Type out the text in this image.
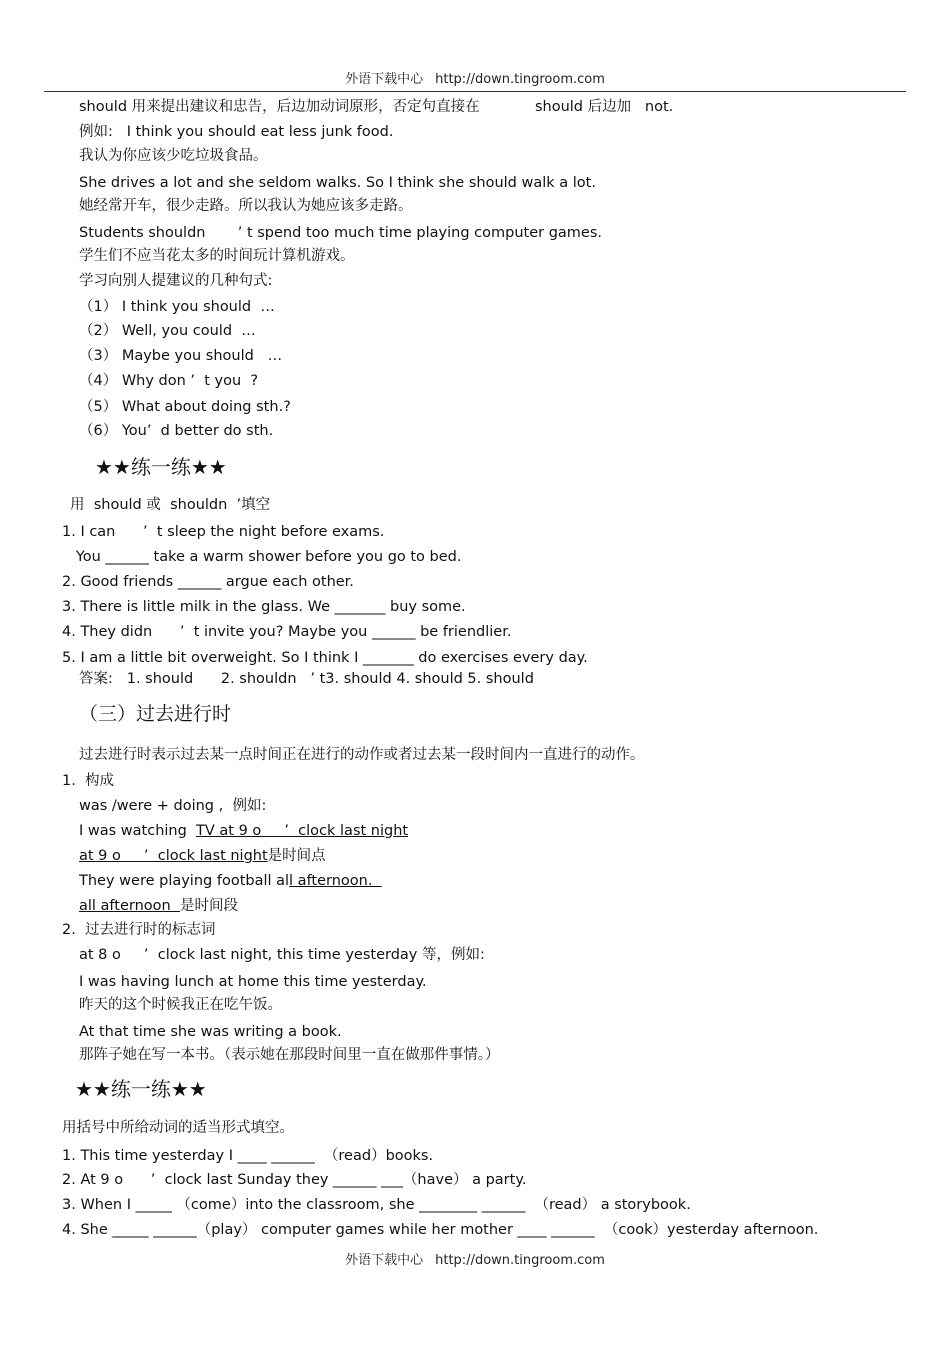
外语下载中心 http://down.tingroom.com
should 用来提出建议和忠告，后边加动词原形，否定句直接在            should 后边加   not.
例如:   I think you should eat less junk food.
我认为你应该少吃垃圾食品。
She drives a lot and she seldom walks. So I think she should walk a lot.
她经常开车，很少走路。所以我认为她应该多走路。
Students shouldn       ’ t spend too much time playing computer games.
学生们不应当花太多的时间玩计算机游戏。
学习向别人提建议的几种句式:
（1） I think you should  …
（2） Well, you could  …
（3） Maybe you should   …
（4） Why don ’  t you  ?
（5） What about doing sth.?
（6） You’  d better do sth.
★★练一练★★
用  should 或  shouldn  ’填空
1. I can      ’  t sleep the night before exams.
You ______ take a warm shower before you go to bed.
2. Good friends ______ argue each other.
3. There is little milk in the glass. We _______ buy some.
4. They didn      ’  t invite you? Maybe you ______ be friendlier.
5. I am a little bit overweight. So I think I _______ do exercises every day.
答案:   1. should      2. shouldn   ’ t3. should 4. should 5. should
（三）过去进行时
过去进行时表示过去某一点时间正在进行的动作或者过去某一段时间内一直进行的动作。
1.  构成
was /were + doing ,  例如:
I was watching  TV at 9 o     ’  clock last night
at 9 o     ’  clock last night是时间点
They were playing football all afternoon.
all afternoon  是时间段
2.  过去进行时的标志词
at 8 o     ’  clock last night, this time yesterday 等，例如:
I was having lunch at home this time yesterday.
昨天的这个时候我正在吃午饭。
At that time she was writing a book.
那阵子她在写一本书。（表示她在那段时间里一直在做那件事情。）
★★练一练★★
用括号中所给动词的适当形式填空。
1. This time yesterday I ____ ______  （read）books.
2. At 9 o      ’  clock last Sunday they ______ ___（have） a party.
3. When I _____ （come）into the classroom, she ________ ______  （read） a storybook.
4. She _____ ______（play） computer games while her mother ____ ______  （cook）yesterday afternoon.
外语下载中心 http://down.tingroom.com
